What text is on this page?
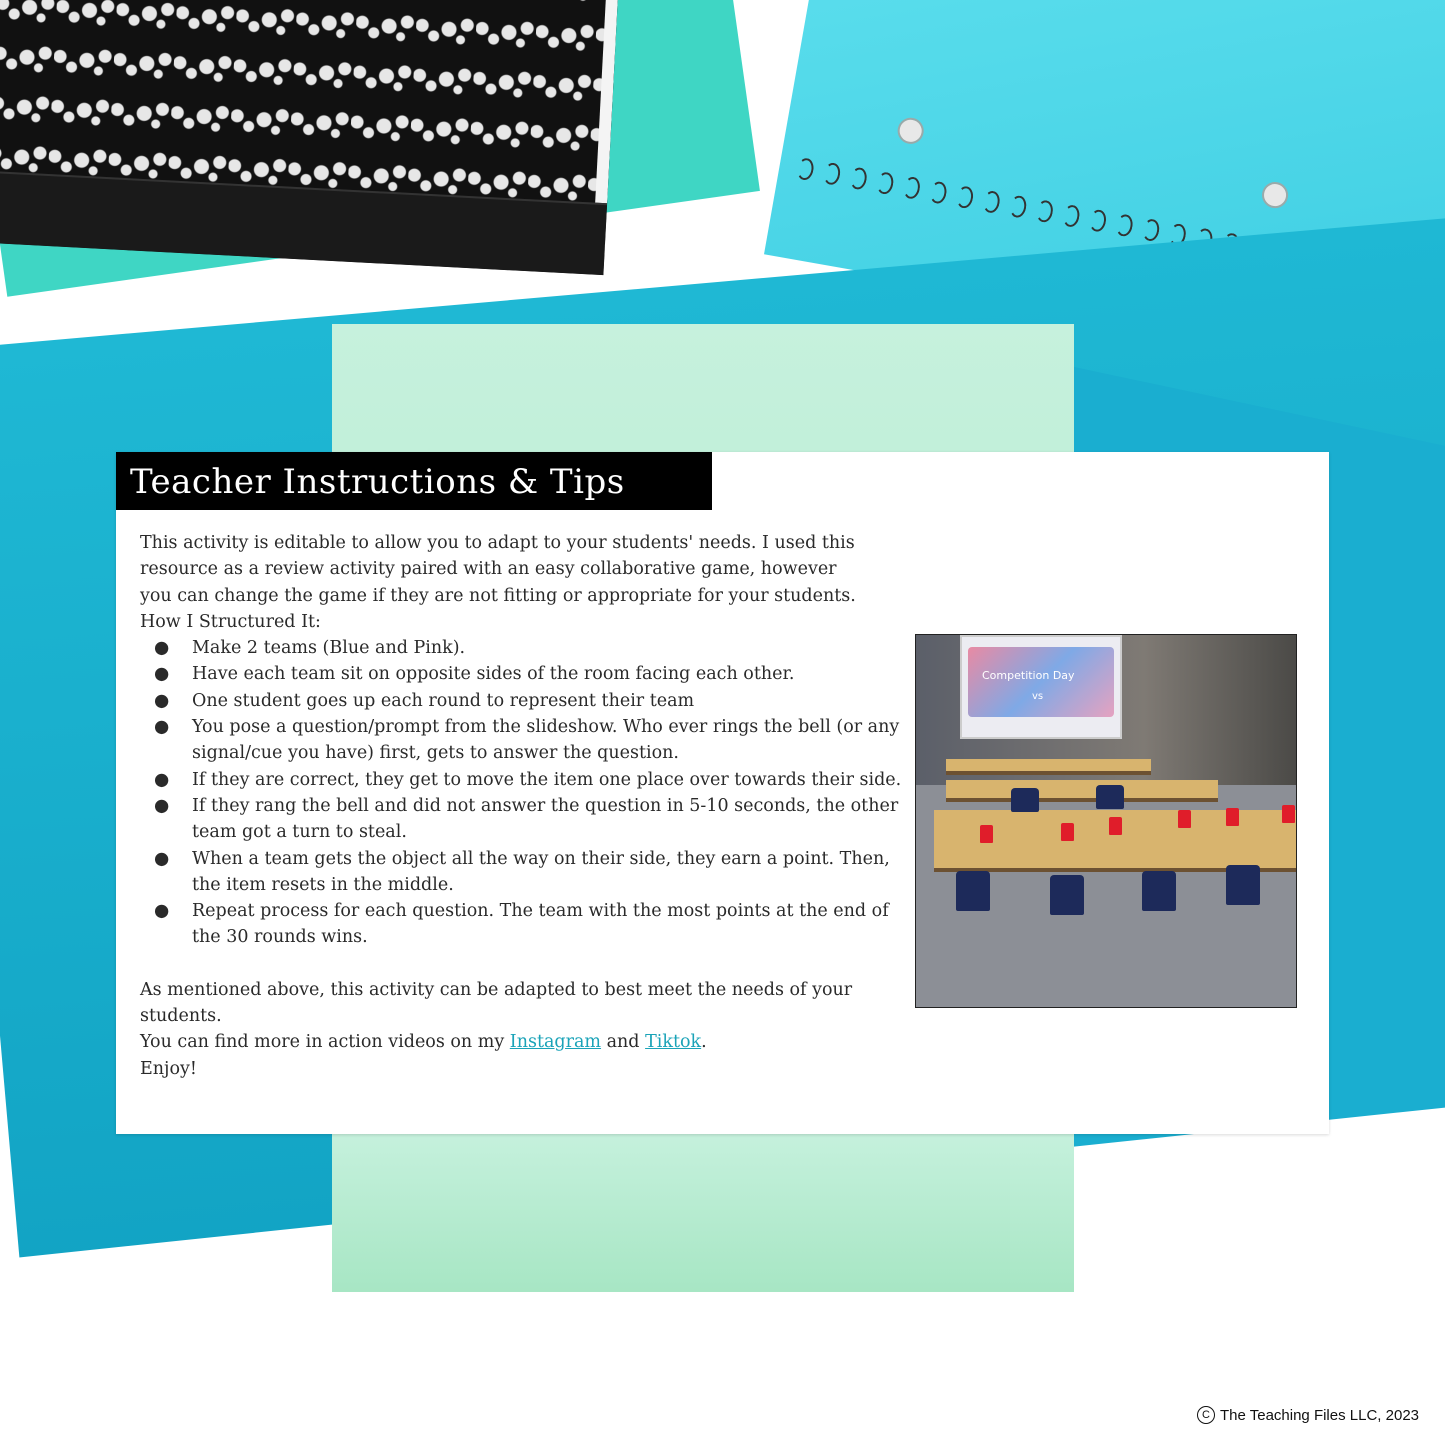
Teacher Instructions & Tips

This activity is editable to allow you to adapt to your students' needs. I used this

resource as a review activity paired with an easy collaborative game, however

you can change the game if they are not fitting or appropriate for your students.

How I Structured It:

● Make 2 teams (Blue and Pink).
● Have each team sit on opposite sides of the room facing each other.
● One student goes up each round to represent their team
● You pose a question/prompt from the slideshow. Who ever rings the bell (or any signal/cue you have) first, gets to answer the question.
● If they are correct, they get to move the item one place over towards their side.
● If they rang the bell and did not answer the question in 5-10 seconds, the other team got a turn to steal.
● When a team gets the object all the way on their side, they earn a point. Then, the item resets in the middle.
● Repeat process for each question. The team with the most points at the end of the 30 rounds wins.

As mentioned above, this activity can be adapted to best meet the needs of your

students.

You can find more in action videos on my Instagram and Tiktok.

Enjoy!

Competition Day
vs
C The Teaching Files LLC, 2023
